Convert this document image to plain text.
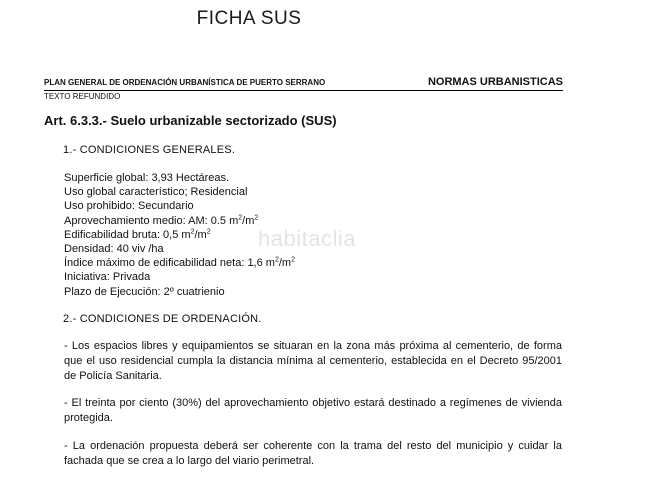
FICHA SUS
PLAN GENERAL DE ORDENACIÓN URBANÍSTICA DE PUERTO SERRANO	NORMAS URBANISTICAS
TEXTO REFUNDIDO
Art. 6.3.3.- Suelo urbanizable sectorizado (SUS)
1.- CONDICIONES GENERALES.
Superficie global: 3,93 Hectáreas.
Uso global característico; Residencial
Uso prohibido: Secundario
Aprovechamiento medio: AM: 0.5 $m^2/m^2$
Edificabilidad bruta: 0,5 $m^2/m^2$
Densidad: 40 viv /ha
Índice máximo de edificabilidad neta: 1,6 $m^2/m^2$
Iniciativa: Privada
Plazo de Ejecución: 2º cuatrienio
habitaclia
2.- CONDICIONES DE ORDENACIÓN.
- Los espacios libres y equipamientos se situaran en la zona más próxima al cementerio, de forma que el uso residencial cumpla la distancia mínima al cementerio, establecida en el Decreto 95/2001 de Policía Sanitaria.
- El treinta por ciento (30%) del aprovechamiento objetivo estará destinado a regímenes de vivienda protegida.
- La ordenación propuesta deberá ser coherente con la trama del resto del municipio y cuidar la fachada que se crea a lo largo del viario perimetral.
